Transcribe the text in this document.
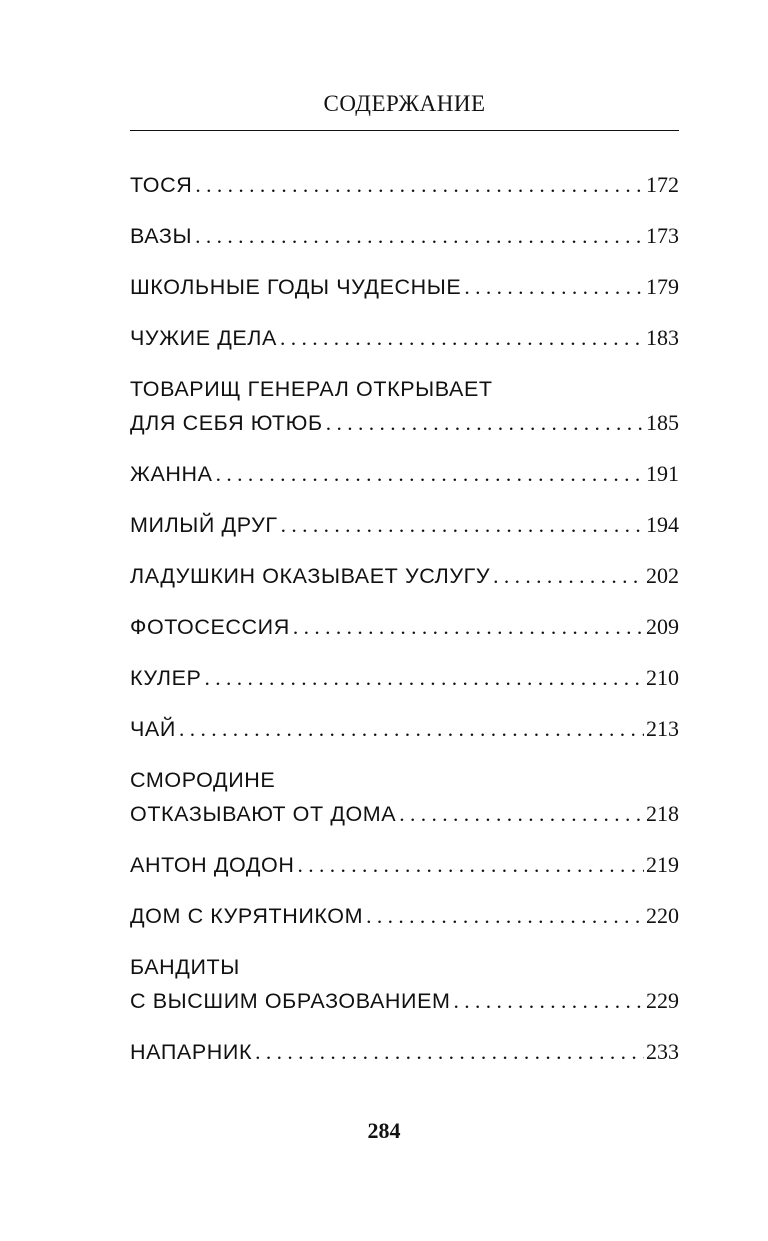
СОДЕРЖАНИЕ
ТОСЯ . . .	172
ВАЗЫ . . .	173
ШКОЛЬНЫЕ ГОДЫ ЧУДЕСНЫЕ . . .	179
ЧУЖИЕ ДЕЛА . . .	183
ТОВАРИЩ ГЕНЕРАЛ ОТКРЫВАЕТ
ДЛЯ СЕБЯ ЮТЮБ . . .	185
ЖАННА . . .	191
МИЛЫЙ ДРУГ . . .	194
ЛАДУШКИН ОКАЗЫВАЕТ УСЛУГУ . . .	202
ФОТОСЕССИЯ . . .	209
КУЛЕР . . .	210
ЧАЙ . . .	213
СМОРОДИНЕ
ОТКАЗЫВАЮТ ОТ ДОМА . . .	218
АНТОН ДОДОН . . .	219
ДОМ С КУРЯТНИКОМ . . .	220
БАНДИТЫ
С ВЫСШИМ ОБРАЗОВАНИЕМ . . .	229
НАПАРНИК . . .	233
284
